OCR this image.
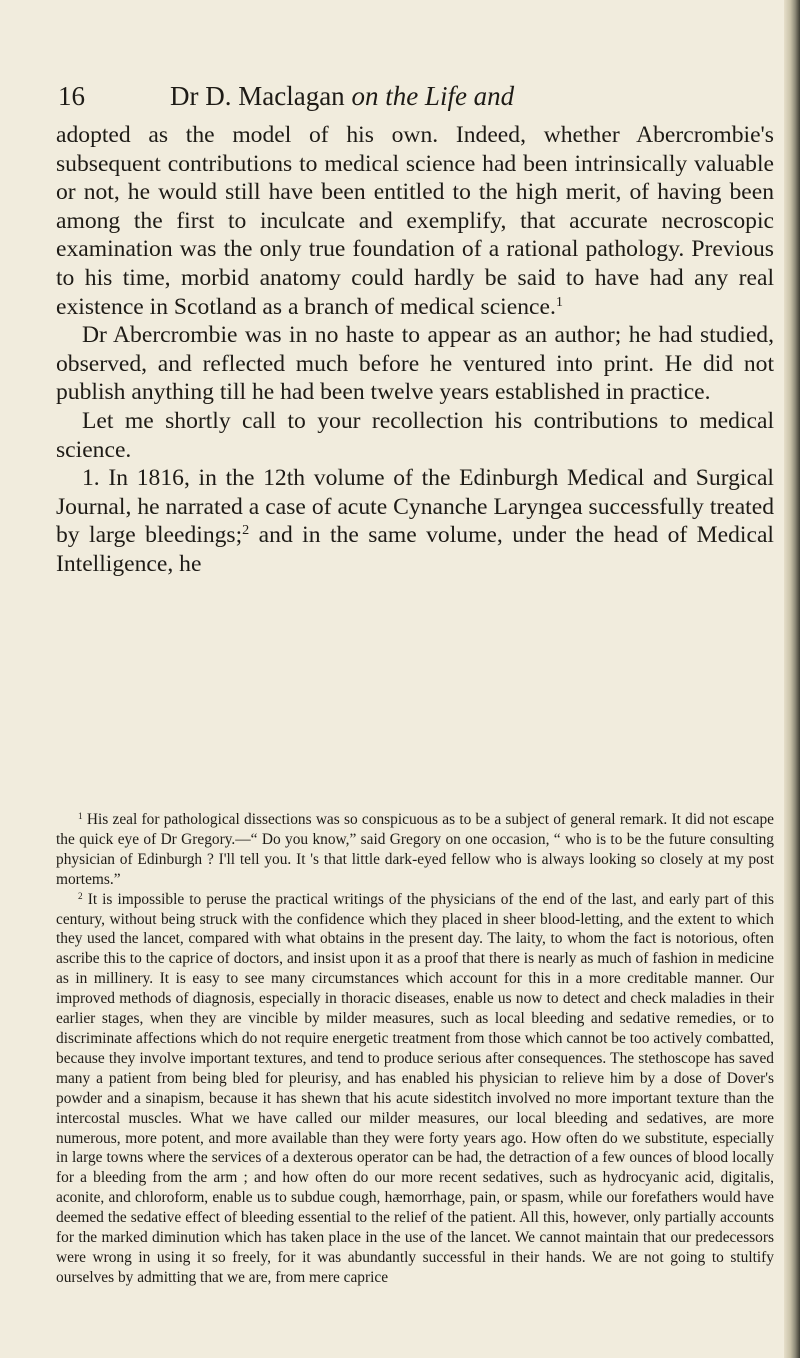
16	Dr D. Maclagan on the Life and

adopted as the model of his own. Indeed, whether Abercrombie's subsequent contributions to medical science had been intrinsically valuable or not, he would still have been entitled to the high merit, of having been among the first to inculcate and exemplify, that accurate necroscopic examination was the only true foundation of a rational pathology. Previous to his time, morbid anatomy could hardly be said to have had any real existence in Scotland as a branch of medical science.$^1$

Dr Abercrombie was in no haste to appear as an author; he had studied, observed, and reflected much before he ventured into print. He did not publish anything till he had been twelve years established in practice.

Let me shortly call to your recollection his contributions to medical science.

1. In 1816, in the 12th volume of the Edinburgh Medical and Surgical Journal, he narrated a case of acute Cynanche Laryngea successfully treated by large bleedings;$^2$ and in the same volume, under the head of Medical Intelligence, he

$^1$ His zeal for pathological dissections was so conspicuous as to be a subject of general remark. It did not escape the quick eye of Dr Gregory.—“ Do you know,” said Gregory on one occasion, “ who is to be the future consulting physician of Edinburgh ? I'll tell you. It 's that little dark-eyed fellow who is always looking so closely at my post mortems.”

$^2$ It is impossible to peruse the practical writings of the physicians of the end of the last, and early part of this century, without being struck with the confidence which they placed in sheer blood-letting, and the extent to which they used the lancet, compared with what obtains in the present day. The laity, to whom the fact is notorious, often ascribe this to the caprice of doctors, and insist upon it as a proof that there is nearly as much of fashion in medicine as in millinery. It is easy to see many circumstances which account for this in a more creditable manner. Our improved methods of diagnosis, especially in thoracic diseases, enable us now to detect and check maladies in their earlier stages, when they are vincible by milder measures, such as local bleeding and sedative remedies, or to discriminate affections which do not require energetic treatment from those which cannot be too actively combatted, because they involve important textures, and tend to produce serious after consequences. The stethoscope has saved many a patient from being bled for pleurisy, and has enabled his physician to relieve him by a dose of Dover's powder and a sinapism, because it has shewn that his acute sidestitch involved no more important texture than the intercostal muscles. What we have called our milder measures, our local bleeding and sedatives, are more numerous, more potent, and more available than they were forty years ago. How often do we substitute, especially in large towns where the services of a dexterous operator can be had, the detraction of a few ounces of blood locally for a bleeding from the arm ; and how often do our more recent sedatives, such as hydrocyanic acid, digitalis, aconite, and chloroform, enable us to subdue cough, hæmorrhage, pain, or spasm, while our forefathers would have deemed the sedative effect of bleeding essential to the relief of the patient. All this, however, only partially accounts for the marked diminution which has taken place in the use of the lancet. We cannot maintain that our predecessors were wrong in using it so freely, for it was abundantly successful in their hands. We are not going to stultify ourselves by admitting that we are, from mere caprice
